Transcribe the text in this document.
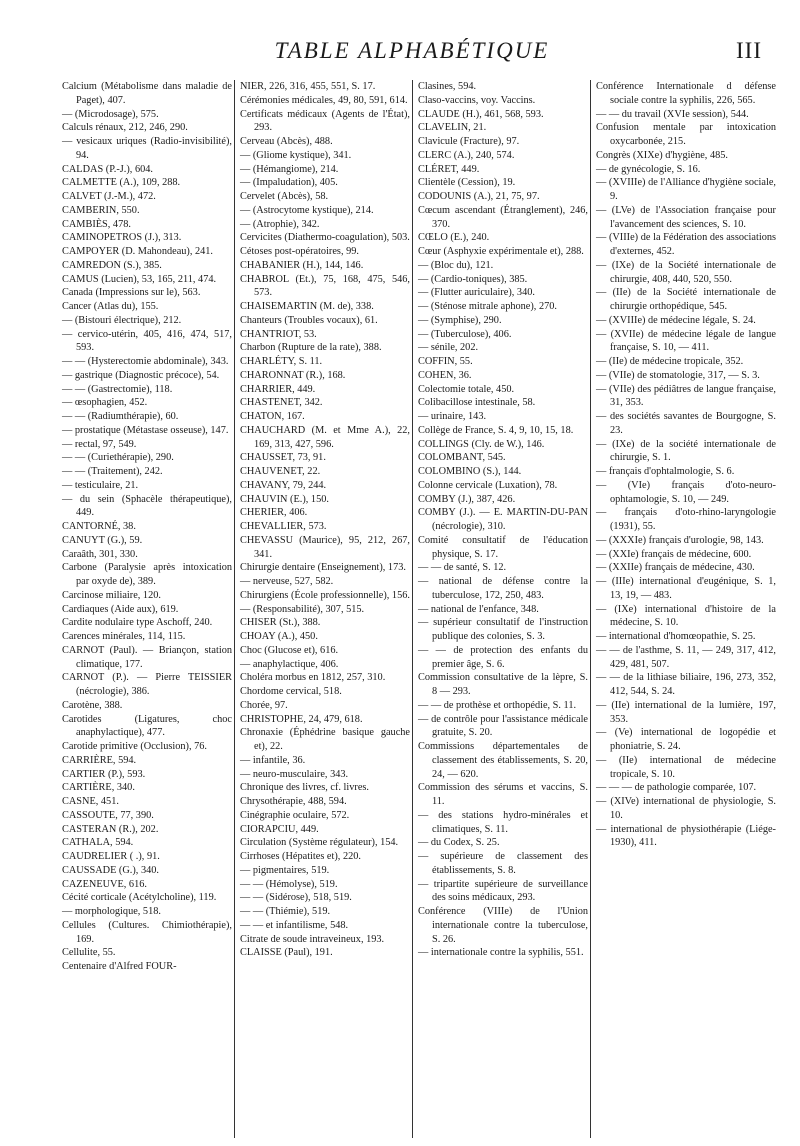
TABLE ALPHABÉTIQUE	III
Calcium (Métabolisme dans maladie de Paget), 407.
— (Microdosage), 575.
Calculs rénaux, 212, 246, 290.
— vesicaux uriques (Radio-invisibilité), 94.
CALDAS (P.-J.), 604.
CALMETTE (A.), 109, 288.
CALVET (J.-M.), 472.
CAMBERIN, 550.
CAMBIÈS, 478.
CAMINOPETROS (J.), 313.
CAMPOYER (D. Mahondeau), 241.
CAMREDON (S.), 385.
CAMUS (Lucien), 53, 165, 211, 474.
Canada (Impressions sur le), 563.
Cancer (Atlas du), 155.
— (Bistouri électrique), 212.
— cervico-utérin, 405, 416, 474, 517, 593.
— — (Hysterectomie abdominale), 343.
— gastrique (Diagnostic précoce), 54.
— — (Gastrectomie), 118.
— œsophagien, 452.
— — (Radiumthérapie), 60.
— prostatique (Métastase osseuse), 147.
— rectal, 97, 549.
— — (Curiethérapie), 290.
— — (Traitement), 242.
— testiculaire, 21.
— du sein (Sphacèle thérapeutique), 449.
CANTORNÉ, 38.
CANUYT (G.), 59.
Caraâth, 301, 330.
Carbone (Paralysie après intoxication par oxyde de), 389.
Carcinose miliaire, 120.
Cardiaques (Aide aux), 619.
Cardite nodulaire type Aschoff, 240.
Carences minérales, 114, 115.
CARNOT (Paul). — Briançon, station climatique, 177.
CARNOT (P.). — Pierre TEISSIER (nécrologie), 386.
Carotène, 388.
Carotides (Ligatures, choc anaphylactique), 477.
Carotide primitive (Occlusion), 76.
CARRIÈRE, 594.
CARTIER (P.), 593.
CARTIÈRE, 340.
CASNE, 451.
CASSOUTE, 77, 390.
CASTERAN (R.), 202.
CATHALA, 594.
CAUDRELIER ( .), 91.
CAUSSADE (G.), 340.
CAZENEUVE, 616.
Cécité corticale (Acétylcholine), 119.
— morphologique, 518.
Cellules (Cultures. Chimiothérapie), 169.
Cellulite, 55.
Centenaire d'Alfred FOUR-
NIER, 226, 316, 455, 551, S. 17.
Cérémonies médicales, 49, 80, 591, 614.
Certificats médicaux (Agents de l'État), 293.
Cerveau (Abcès), 488.
— (Gliome kystique), 341.
— (Hémangiome), 214.
— (Impaludation), 405.
Cervelet (Abcès), 58.
— (Astrocytome kystique), 214.
— (Atrophie), 342.
Cervicites (Diathermo-coagulation), 503.
Cétoses post-opératoires, 99.
CHABANIER (H.), 144, 146.
CHABROL (Et.), 75, 168, 475, 546, 573.
CHAISEMARTIN (M. de), 338.
Chanteurs (Troubles vocaux), 61.
CHANTRIOT, 53.
Charbon (Rupture de la rate), 388.
CHARLÉTY, S. 11.
CHARONNAT (R.), 168.
CHARRIER, 449.
CHASTENET, 342.
CHATON, 167.
CHAUCHARD (M. et Mme A.), 22, 169, 313, 427, 596.
CHAUSSET, 73, 91.
CHAUVENET, 22.
CHAVANY, 79, 244.
CHAUVIN (E.), 150.
CHERIER, 406.
CHEVALLIER, 573.
CHEVASSU (Maurice), 95, 212, 267, 341.
Chirurgie dentaire (Enseignement), 173.
— nerveuse, 527, 582.
Chirurgiens (École professionnelle), 156.
— (Responsabilité), 307, 515.
CHISER (St.), 388.
CHOAY (A.), 450.
Choc (Glucose et), 616.
— anaphylactique, 406.
Choléra morbus en 1812, 257, 310.
Chordome cervical, 518.
Chorée, 97.
CHRISTOPHE, 24, 479, 618.
Chronaxie (Éphédrine basique gauche et), 22.
— infantile, 36.
— neuro-musculaire, 343.
Chronique des livres, cf. livres.
Chrysothérapie, 488, 594.
Cinégraphie oculaire, 572.
CIORAPCIU, 449.
Circulation (Système régulateur), 154.
Cirrhoses (Hépatites et), 220.
— pigmentaires, 519.
— — (Hémolyse), 519.
— — (Sidérose), 518, 519.
— — (Thiémie), 519.
— — et infantilisme, 548.
Citrate de soude intraveineux, 193.
CLAISSE (Paul), 191.
Clasines, 594.
Claso-vaccins, voy. Vaccins.
CLAUDE (H.), 461, 568, 593.
CLAVELIN, 21.
Clavicule (Fracture), 97.
CLERC (A.), 240, 574.
CLÉRET, 449.
Clientèle (Cession), 19.
CODOUNIS (A.), 21, 75, 97.
Cœcum ascendant (Étranglement), 246, 370.
CŒLO (E.), 240.
Cœur (Asphyxie expérimentale et), 288.
— (Bloc du), 121.
— (Cardio-toniques), 385.
— (Flutter auriculaire), 340.
— (Sténose mitrale aphone), 270.
— (Symphise), 290.
— (Tuberculose), 406.
— sénile, 202.
COFFIN, 55.
COHEN, 36.
Colectomie totale, 450.
Colibacillose intestinale, 58.
— urinaire, 143.
Collège de France, S. 4, 9, 10, 15, 18.
COLLINGS (Cly. de W.), 146.
COLOMBANT, 545.
COLOMBINO (S.), 144.
Colonne cervicale (Luxation), 78.
COMBY (J.), 387, 426.
COMBY (J.). — E. MARTIN-DU-PAN (nécrologie), 310.
Comité consultatif de l'éducation physique, S. 17.
— — de santé, S. 12.
— national de défense contre la tuberculose, 172, 250, 483.
— national de l'enfance, 348.
— supérieur consultatif de l'instruction publique des colonies, S. 3.
— — de protection des enfants du premier âge, S. 6.
Commission consultative de la lèpre, S. 8 — 293.
— — de prothèse et orthopédie, S. 11.
— de contrôle pour l'assistance médicale gratuite, S. 20.
Commissions départementales de classement des établissements, S. 20, 24, — 620.
Commission des sérums et vaccins, S. 11.
— des stations hydro-minérales et climatiques, S. 11.
— du Codex, S. 25.
— supérieure de classement des établissements, S. 8.
— tripartite supérieure de surveillance des soins médicaux, 293.
Conférence (VIIIe) de l'Union internationale contre la tuberculose, S. 26.
— internationale contre la syphilis, 551.
Conférence Internationale d défense sociale contre la syphilis, 226, 565.
— — du travail (XVIe session), 544.
Confusion mentale par intoxication oxycarbonée, 215.
Congrès (XIXe) d'hygiène, 485.
— de gynécologie, S. 16.
— (XVIIIe) de l'Alliance d'hygiène sociale, 9.
— (LVe) de l'Association française pour l'avancement des sciences, S. 10.
— (VIIIe) de la Fédération des associations d'externes, 452.
— (IXe) de la Société internationale de chirurgie, 408, 440, 520, 550.
— (IIe) de la Société internationale de chirurgie orthopédique, 545.
— (XVIIIe) de médecine légale, S. 24.
— (XVIIe) de médecine légale de langue française, S. 10, — 411.
— (IIe) de médecine tropicale, 352.
— (VIIe) de stomatologie, 317, — S. 3.
— (VIIe) des pédiâtres de langue française, 31, 353.
— des sociétés savantes de Bourgogne, S. 23.
— (IXe) de la société internationale de chirurgie, S. 1.
— français d'ophtalmologie, S. 6.
— (VIe) français d'oto-neuro-ophtamologie, S. 10, — 249.
— français d'oto-rhino-laryngologie (1931), 55.
— (XXXIe) français d'urologie, 98, 143.
— (XXIe) français de médecine, 600.
— (XXIIe) français de médecine, 430.
— (IIIe) international d'eugénique, S. 1, 13, 19, — 483.
— (IXe) international d'histoire de la médecine, S. 10.
— international d'homœopathie, S. 25.
— — de l'asthme, S. 11, — 249, 317, 412, 429, 481, 507.
— — de la lithiase biliaire, 196, 273, 352, 412, 544, S. 24.
— (IIe) international de la lumière, 197, 353.
— (Ve) international de logopédie et phoniatrie, S. 24.
— (IIe) international de médecine tropicale, S. 10.
— — — de pathologie comparée, 107.
— (XIVe) international de physiologie, S. 10.
— international de physiothérapie (Liége-1930), 411.
